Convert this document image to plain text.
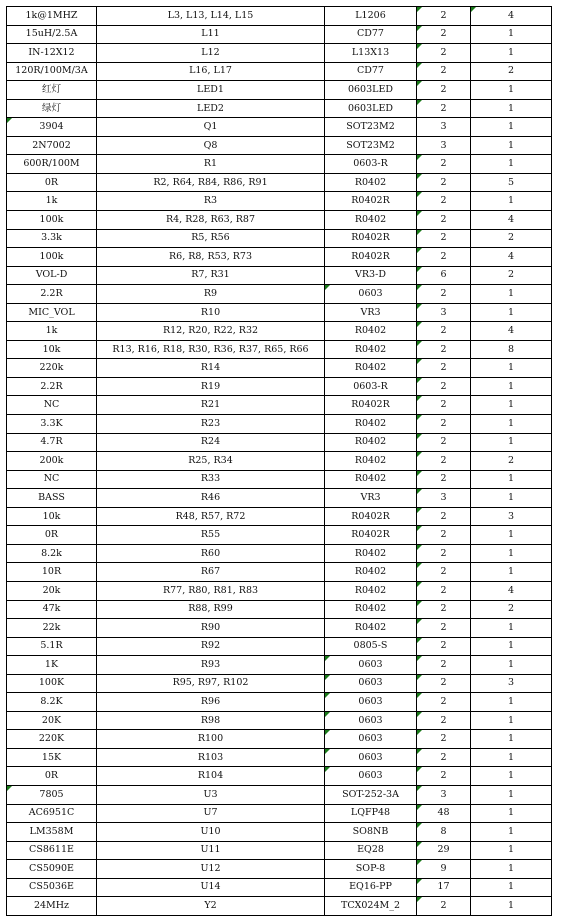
1k@1MHZ	L3, L13, L14, L15	L1206	2	4
15uH/2.5A	L11	CD77	2	1
IN-12X12	L12	L13X13	2	1
120R/100M/3A	L16, L17	CD77	2	2
红灯	LED1	0603LED	2	1
绿灯	LED2	0603LED	2	1
3904	Q1	SOT23M2	3	1
2N7002	Q8	SOT23M2	3	1
600R/100M	R1	0603-R	2	1
0R	R2, R64, R84, R86, R91	R0402	2	5
1k	R3	R0402R	2	1
100k	R4, R28, R63, R87	R0402	2	4
3.3k	R5, R56	R0402R	2	2
100k	R6, R8, R53, R73	R0402R	2	4
VOL-D	R7, R31	VR3-D	6	2
2.2R	R9	0603	2	1
MIC_VOL	R10	VR3	3	1
1k	R12, R20, R22, R32	R0402	2	4
10k	R13, R16, R18, R30, R36, R37, R65, R66	R0402	2	8
220k	R14	R0402	2	1
2.2R	R19	0603-R	2	1
NC	R21	R0402R	2	1
3.3K	R23	R0402	2	1
4.7R	R24	R0402	2	1
200k	R25, R34	R0402	2	2
NC	R33	R0402	2	1
BASS	R46	VR3	3	1
10k	R48, R57, R72	R0402R	2	3
0R	R55	R0402R	2	1
8.2k	R60	R0402	2	1
10R	R67	R0402	2	1
20k	R77, R80, R81, R83	R0402	2	4
47k	R88, R99	R0402	2	2
22k	R90	R0402	2	1
5.1R	R92	0805-S	2	1
1K	R93	0603	2	1
100K	R95, R97, R102	0603	2	3
8.2K	R96	0603	2	1
20K	R98	0603	2	1
220K	R100	0603	2	1
15K	R103	0603	2	1
0R	R104	0603	2	1
7805	U3	SOT-252-3A	3	1
AC6951C	U7	LQFP48	48	1
LM358M	U10	SO8NB	8	1
CS8611E	U11	EQ28	29	1
CS5090E	U12	SOP-8	9	1
CS5036E	U14	EQ16-PP	17	1
24MHz	Y2	TCX024M_2	2	1
